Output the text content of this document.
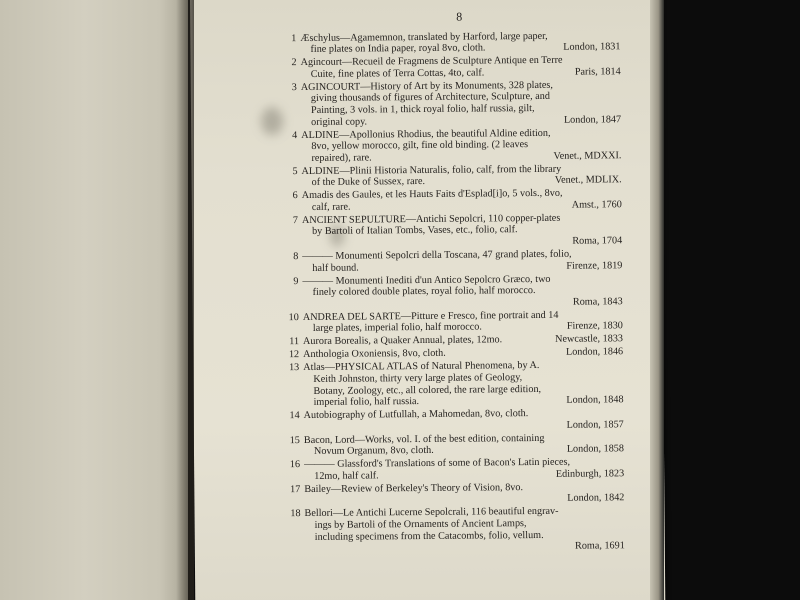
8
1 Æschylus—Agamemnon, translated by Harford, large paper,
fine plates on India paper, royal 8vo, cloth.	London, 1831
2 Agincourt—Recueil de Fragmens de Sculpture Antique en Terre
Cuite, fine plates of Terra Cottas, 4to, calf.	Paris, 1814
3 AGINCOURT—History of Art by its Monuments, 328 plates,
giving thousands of figures of Architecture, Sculpture, and
Painting, 3 vols. in 1, thick royal folio, half russia, gilt,
original copy.	London, 1847
4 ALDINE—Apollonius Rhodius, the beautiful Aldine edition,
8vo, yellow morocco, gilt, fine old binding. (2 leaves
repaired), rare.	Venet., MDXXI.
5 ALDINE—Plinii Historia Naturalis, folio, calf, from the library
of the Duke of Sussex, rare.	Venet., MDLIX.
6 Amadis des Gaules, et les Hauts Faits d'Esplad[i]o, 5 vols., 8vo,
calf, rare.	Amst., 1760
7 ANCIENT SEPULTURE—Antichi Sepolcri, 110 copper-plates
by Bartoli of Italian Tombs, Vases, etc., folio, calf.
Roma, 1704
8 ——— Monumenti Sepolcri della Toscana, 47 grand plates, folio,
half bound.	Firenze, 1819
9 ——— Monumenti Inediti d'un Antico Sepolcro Græco, two
finely colored double plates, royal folio, half morocco.
Roma, 1843
10 ANDREA DEL SARTE—Pitture e Fresco, fine portrait and 14
large plates, imperial folio, half morocco.	Firenze, 1830
11 Aurora Borealis, a Quaker Annual, plates, 12mo.	Newcastle, 1833
12 Anthologia Oxoniensis, 8vo, cloth.	London, 1846
13 Atlas—PHYSICAL ATLAS of Natural Phenomena, by A.
Keith Johnston, thirty very large plates of Geology,
Botany, Zoology, etc., all colored, the rare large edition,
imperial folio, half russia.	London, 1848
14 Autobiography of Lutfullah, a Mahomedan, 8vo, cloth.
London, 1857
15 Bacon, Lord—Works, vol. I. of the best edition, containing
Novum Organum, 8vo, cloth.	London, 1858
16 ——— Glassford's Translations of some of Bacon's Latin pieces,
12mo, half calf.	Edinburgh, 1823
17 Bailey—Review of Berkeley's Theory of Vision, 8vo.
London, 1842
18 Bellori—Le Antichi Lucerne Sepolcrali, 116 beautiful engrav-
ings by Bartoli of the Ornaments of Ancient Lamps,
including specimens from the Catacombs, folio, vellum.
Roma, 1691
